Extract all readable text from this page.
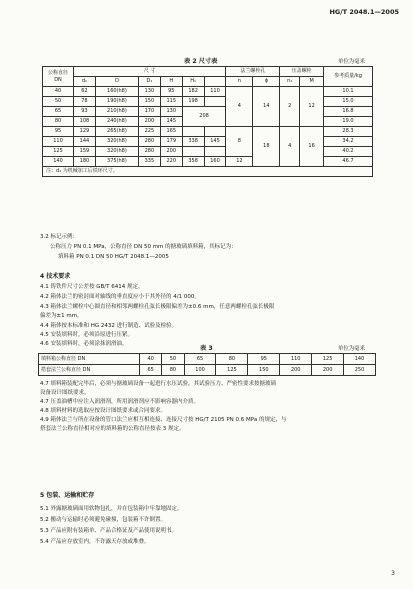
HG/T 2048.1—2005
表 2 尺寸表	单位为毫米
公称直径
DN	尺 寸						法兰螺栓孔		压盖螺栓		参考质量/kg
	d₁	D	D₁	H	H₁		n	ϕ	n₁	M	
40	62	160(h8)	130	95	182	110	4	14	2	12	10.1
50	78	190(h8)	150	115	198						15.0
65	93	210(h8)	170	130	208						16.8
80	108	240(h8)	200	145							19.0
95	129	265(h8)	225	165			8	18	4	16	28.3
110	144	320(h8)	280	179	338	145					34.2
125	159	320(h8)	280	200							40.2
140	180	375(h8)	335	220	358	160	12				46.7
注：d₁ 为机械加工后铁环尺寸。											
3.2 标记示例：
公称压力 PN 0.1 MPa，公称直径 DN 50 mm 的搪玻璃填料箱，其标记为：
填料箱 PN 0.1 DN 50 HG/T 2048.1—2005
4 技术要求
4.1 铸铁件尺寸公差按 GB/T 6414 规定。
4.2 箱体法兰的密封面对轴线的垂直度应小于其外径的 4/1 000。
4.3 箱体法兰螺栓中心圆直径和相邻两螺栓孔弦长极限偏差为±0.6 mm，任意两螺栓孔弦长极限
偏差为±1 mm。
4.4 箱体按本标准和 HG 2432 进行制造、试验及检验。
4.5 安装填料时，必须沿原进行压紧。
4.6 安装填料时，必须涂抹润滑油。
表 3	单位为毫米
填料箱公称直径 DN	40	50	65	80	95	110	125	140
搭套法兰公称直径 DN	65	80	100	125	150	200	200	250
4.7 填料箱装配完毕后，必须与搪玻璃设备一起进行水压试验，其试验压力、严密性要求按搪玻璃
设备设计图纸要求。
4.7 压盖油槽中应注入润滑剂，所用润滑剂应不影响容器内介质。
4.8 填料材料的选取应按设计图纸要求或合同要求。
4.9 箱体法兰与所在设备的管口法兰应相互相连接，连接尺寸按 HG/T 2105 PN 0.6 MPa 的规定，与
搭套法兰公称直径相对应的填料箱的公称直径按表 3 规定。
5 包装、运输和贮存
5.1 外露搪玻璃面用软物包扎，并在包装箱中牢靠地固定。
5.2 搬动与运输时必须避免碰撞，包装箱不许倒置。
5.3 产品应附有装箱单、产品合格证及产品使用说明书。
5.4 产品应存放室内，不许露天存放或堆叠。
3
